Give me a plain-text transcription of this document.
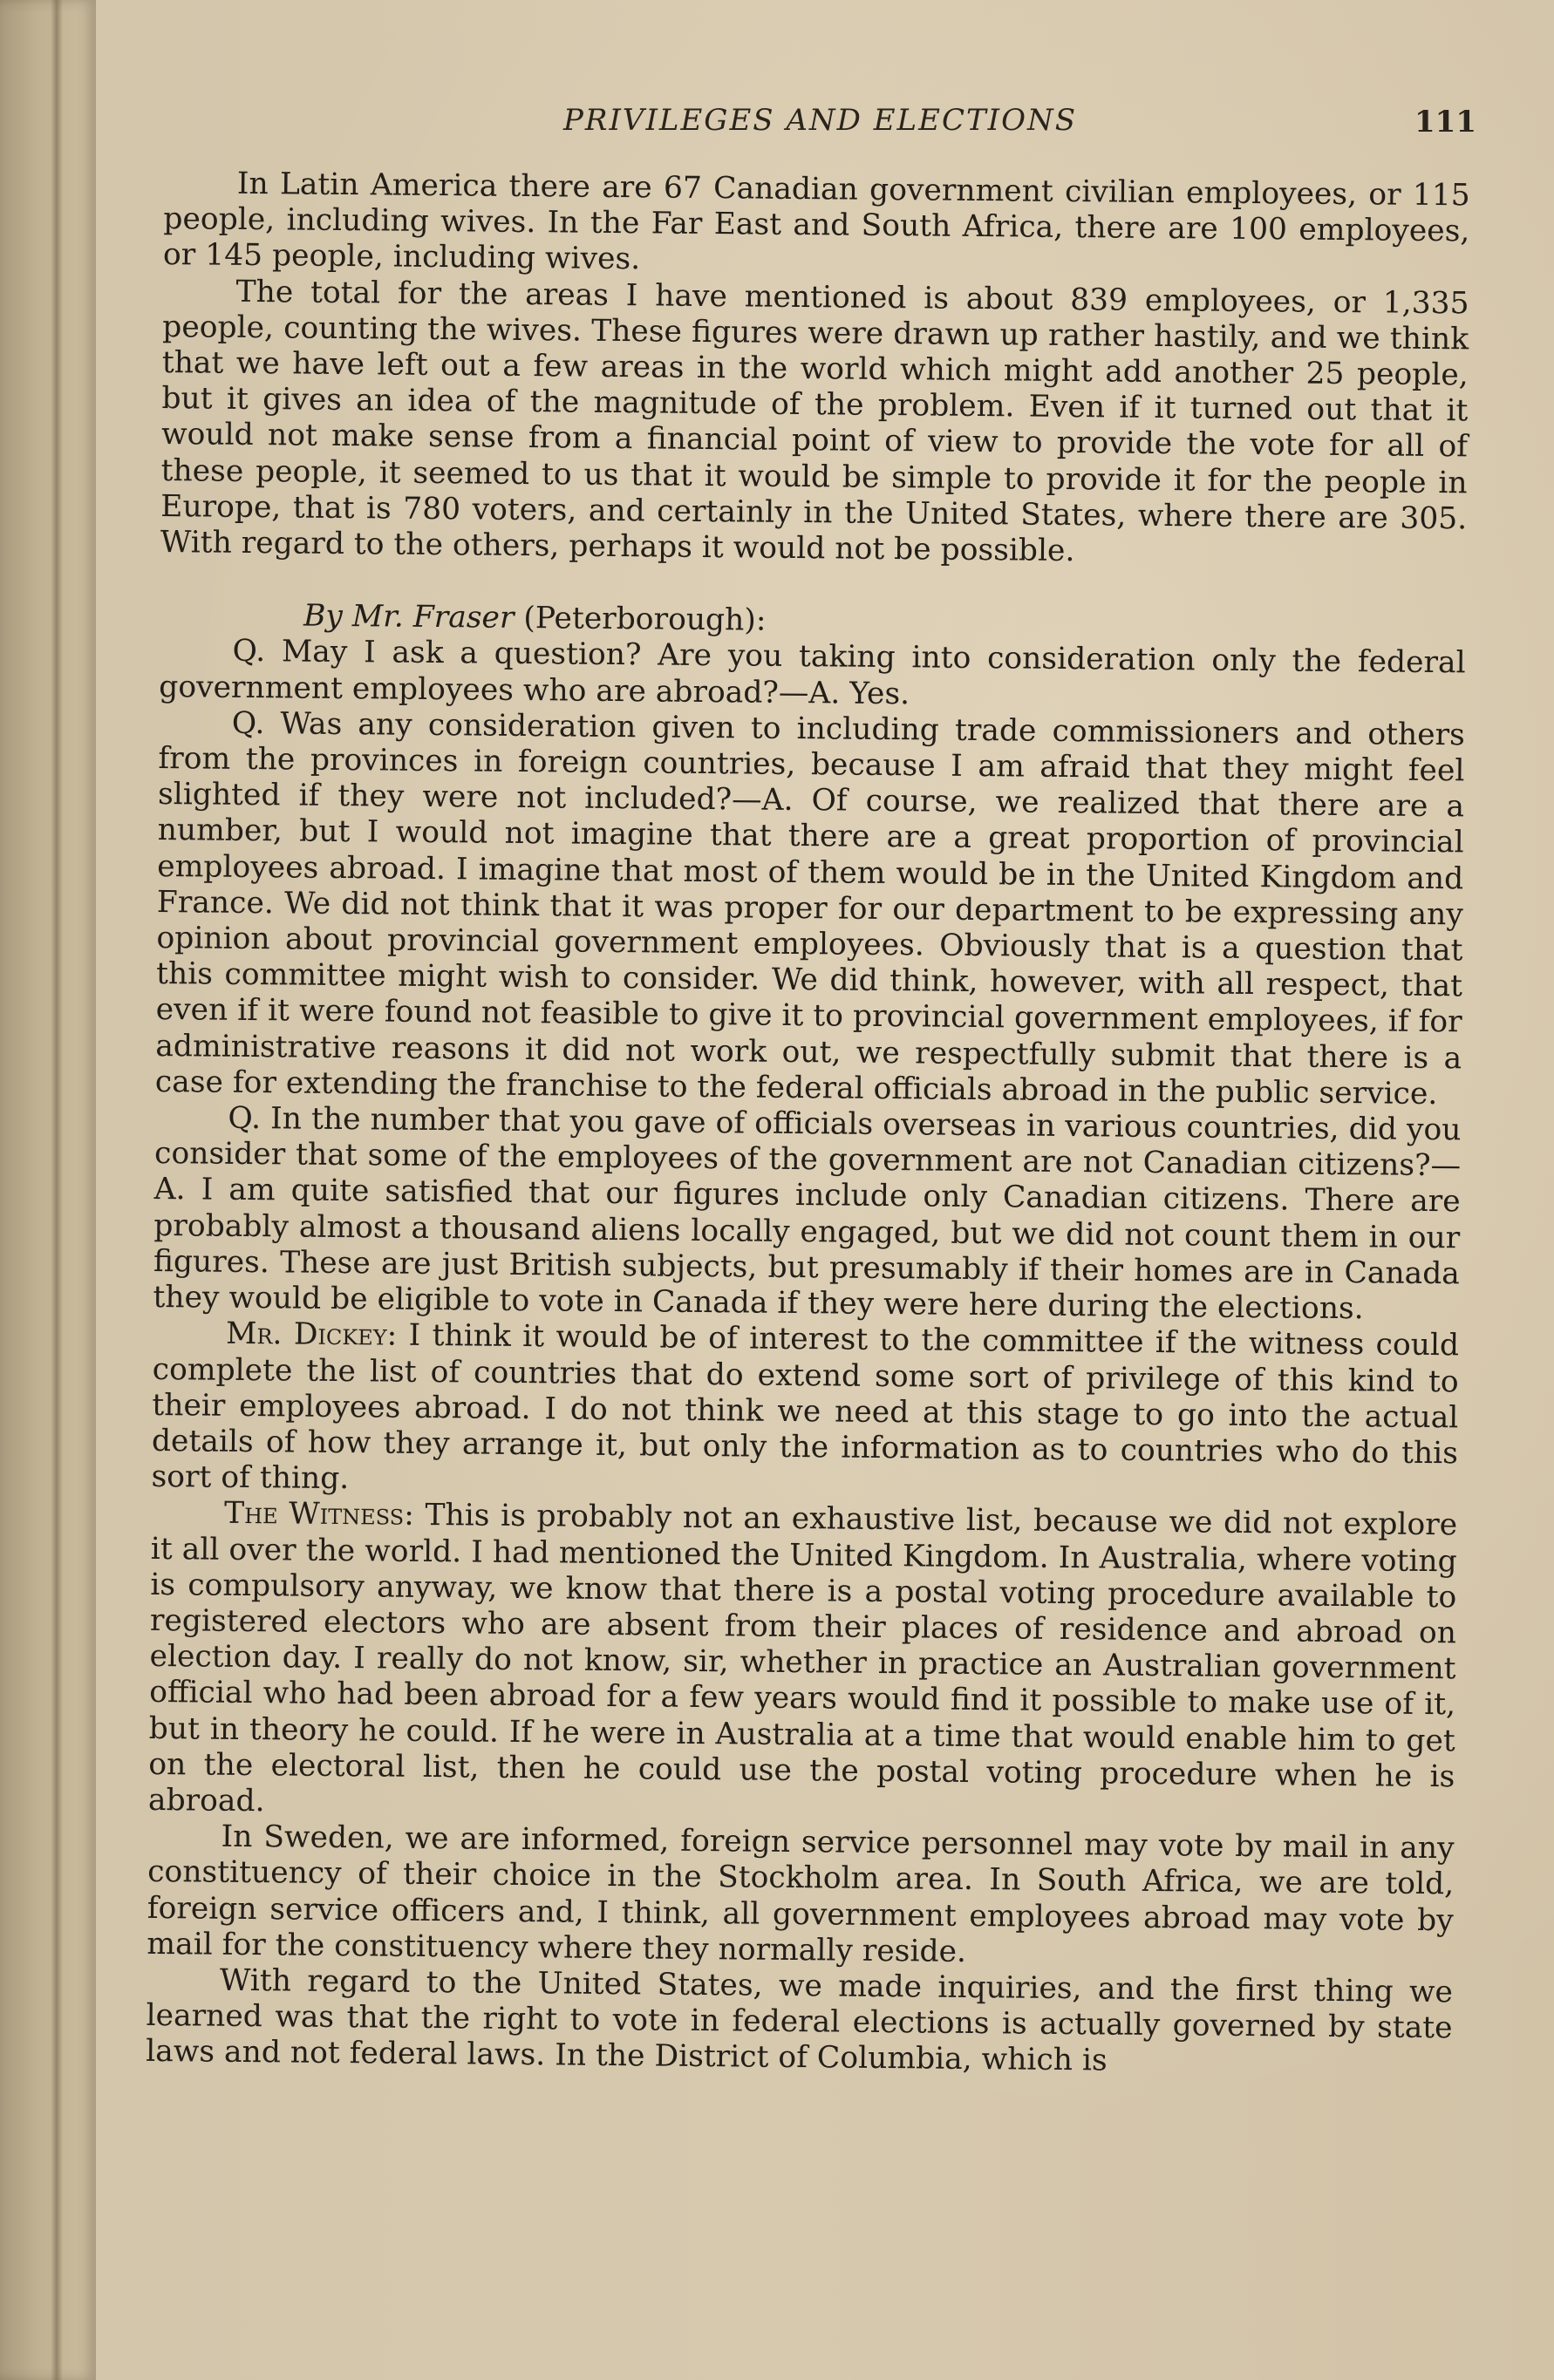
PRIVILEGES AND ELECTIONS	111

In Latin America there are 67 Canadian government civilian employees, or 115 people, including wives. In the Far East and South Africa, there are 100 employees, or 145 people, including wives.

The total for the areas I have mentioned is about 839 employees, or 1,335 people, counting the wives. These figures were drawn up rather hastily, and we think that we have left out a few areas in the world which might add another 25 people, but it gives an idea of the magnitude of the problem. Even if it turned out that it would not make sense from a financial point of view to provide the vote for all of these people, it seemed to us that it would be simple to provide it for the people in Europe, that is 780 voters, and certainly in the United States, where there are 305. With regard to the others, perhaps it would not be possible.

By Mr. Fraser (Peterborough):

Q. May I ask a question? Are you taking into consideration only the federal government employees who are abroad?—A. Yes.

Q. Was any consideration given to including trade commissioners and others from the provinces in foreign countries, because I am afraid that they might feel slighted if they were not included?—A. Of course, we realized that there are a number, but I would not imagine that there are a great proportion of provincial employees abroad. I imagine that most of them would be in the United Kingdom and France. We did not think that it was proper for our department to be expressing any opinion about provincial government employees. Obviously that is a question that this committee might wish to consider. We did think, however, with all respect, that even if it were found not feasible to give it to provincial government employees, if for administrative reasons it did not work out, we respectfully submit that there is a case for extending the franchise to the federal officials abroad in the public service.

Q. In the number that you gave of officials overseas in various countries, did you consider that some of the employees of the government are not Canadian citizens?—A. I am quite satisfied that our figures include only Canadian citizens. There are probably almost a thousand aliens locally engaged, but we did not count them in our figures. These are just British subjects, but presumably if their homes are in Canada they would be eligible to vote in Canada if they were here during the elections.

Mr. Dickey: I think it would be of interest to the committee if the witness could complete the list of countries that do extend some sort of privilege of this kind to their employees abroad. I do not think we need at this stage to go into the actual details of how they arrange it, but only the information as to countries who do this sort of thing.

The Witness: This is probably not an exhaustive list, because we did not explore it all over the world. I had mentioned the United Kingdom. In Australia, where voting is compulsory anyway, we know that there is a postal voting procedure available to registered electors who are absent from their places of residence and abroad on election day. I really do not know, sir, whether in practice an Australian government official who had been abroad for a few years would find it possible to make use of it, but in theory he could. If he were in Australia at a time that would enable him to get on the electoral list, then he could use the postal voting procedure when he is abroad.

In Sweden, we are informed, foreign service personnel may vote by mail in any constituency of their choice in the Stockholm area. In South Africa, we are told, foreign service officers and, I think, all government employees abroad may vote by mail for the constituency where they normally reside.

With regard to the United States, we made inquiries, and the first thing we learned was that the right to vote in federal elections is actually governed by state laws and not federal laws. In the District of Columbia, which is
